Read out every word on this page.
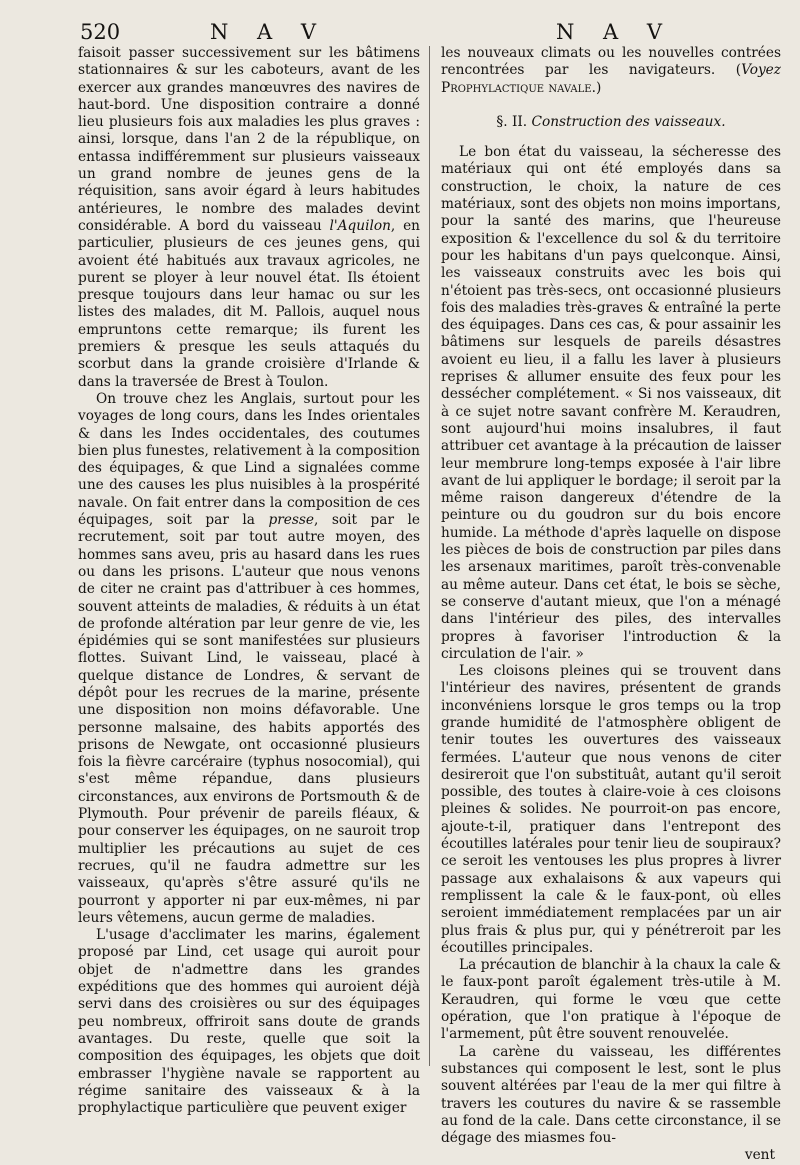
520	N A V	N A V

faisoit passer successivement sur les bâtimens stationnaires & sur les caboteurs, avant de les exercer aux grandes manœuvres des navires de haut-bord. Une disposition contraire a donné lieu plusieurs fois aux maladies les plus graves : ainsi, lorsque, dans l'an 2 de la république, on entassa indifféremment sur plusieurs vaisseaux un grand nombre de jeunes gens de la réquisition, sans avoir égard à leurs habitudes antérieures, le nombre des malades devint considérable. A bord du vaisseau l'Aquilon, en particulier, plusieurs de ces jeunes gens, qui avoient été habitués aux travaux agricoles, ne purent se ployer à leur nouvel état. Ils étoient presque toujours dans leur hamac ou sur les listes des malades, dit M. Pallois, auquel nous empruntons cette remarque; ils furent les premiers & presque les seuls attaqués du scorbut dans la grande croisière d'Irlande & dans la traversée de Brest à Toulon.

On trouve chez les Anglais, surtout pour les voyages de long cours, dans les Indes orientales & dans les Indes occidentales, des coutumes bien plus funestes, relativement à la composition des équipages, & que Lind a signalées comme une des causes les plus nuisibles à la prospérité navale. On fait entrer dans la composition de ces équipages, soit par la presse, soit par le recrutement, soit par tout autre moyen, des hommes sans aveu, pris au hasard dans les rues ou dans les prisons. L'auteur que nous venons de citer ne craint pas d'attribuer à ces hommes, souvent atteints de maladies, & réduits à un état de profonde altération par leur genre de vie, les épidémies qui se sont manifestées sur plusieurs flottes. Suivant Lind, le vaisseau, placé à quelque distance de Londres, & servant de dépôt pour les recrues de la marine, présente une disposition non moins défavorable. Une personne malsaine, des habits apportés des prisons de Newgate, ont occasionné plusieurs fois la fièvre carcéraire (typhus nosocomial), qui s'est même répandue, dans plusieurs circonstances, aux environs de Portsmouth & de Plymouth. Pour prévenir de pareils fléaux, & pour conserver les équipages, on ne sauroit trop multiplier les précautions au sujet de ces recrues, qu'il ne faudra admettre sur les vaisseaux, qu'après s'être assuré qu'ils ne pourront y apporter ni par eux-mêmes, ni par leurs vêtemens, aucun germe de maladies.

L'usage d'acclimater les marins, également proposé par Lind, cet usage qui auroit pour objet de n'admettre dans les grandes expéditions que des hommes qui auroient déjà servi dans des croisières ou sur des équipages peu nombreux, offriroit sans doute de grands avantages. Du reste, quelle que soit la composition des équipages, les objets que doit embrasser l'hygiène navale se rapportent au régime sanitaire des vaisseaux & à la prophylactique particulière que peuvent exiger

les nouveaux climats ou les nouvelles contrées rencontrées par les navigateurs. (Voyez Prophylactique navale.)

§. II. Construction des vaisseaux.

Le bon état du vaisseau, la sécheresse des matériaux qui ont été employés dans sa construction, le choix, la nature de ces matériaux, sont des objets non moins importans, pour la santé des marins, que l'heureuse exposition & l'excellence du sol & du territoire pour les habitans d'un pays quelconque. Ainsi, les vaisseaux construits avec les bois qui n'étoient pas très-secs, ont occasionné plusieurs fois des maladies très-graves & entraîné la perte des équipages. Dans ces cas, & pour assainir les bâtimens sur lesquels de pareils désastres avoient eu lieu, il a fallu les laver à plusieurs reprises & allumer ensuite des feux pour les dessécher complétement. « Si nos vaisseaux, dit à ce sujet notre savant confrère M. Keraudren, sont aujourd'hui moins insalubres, il faut attribuer cet avantage à la précaution de laisser leur membrure long-temps exposée à l'air libre avant de lui appliquer le bordage; il seroit par la même raison dangereux d'étendre de la peinture ou du goudron sur du bois encore humide. La méthode d'après laquelle on dispose les pièces de bois de construction par piles dans les arsenaux maritimes, paroît très-convenable au même auteur. Dans cet état, le bois se sèche, se conserve d'autant mieux, que l'on a ménagé dans l'intérieur des piles, des intervalles propres à favoriser l'introduction & la circulation de l'air. »

Les cloisons pleines qui se trouvent dans l'intérieur des navires, présentent de grands inconvéniens lorsque le gros temps ou la trop grande humidité de l'atmosphère obligent de tenir toutes les ouvertures des vaisseaux fermées. L'auteur que nous venons de citer desireroit que l'on substituât, autant qu'il seroit possible, des toutes à claire-voie à ces cloisons pleines & solides. Ne pourroit-on pas encore, ajoute-t-il, pratiquer dans l'entrepont des écoutilles latérales pour tenir lieu de soupiraux? ce seroit les ventouses les plus propres à livrer passage aux exhalaisons & aux vapeurs qui remplissent la cale & le faux-pont, où elles seroient immédiatement remplacées par un air plus frais & plus pur, qui y pénétreroit par les écoutilles principales.

La précaution de blanchir à la chaux la cale & le faux-pont paroît également très-utile à M. Keraudren, qui forme le vœu que cette opération, que l'on pratique à l'époque de l'armement, pût être souvent renouvelée.

La carène du vaisseau, les différentes substances qui composent le lest, sont le plus souvent altérées par l'eau de la mer qui filtre à travers les coutures du navire & se rassemble au fond de la cale. Dans cette circonstance, il se dégage des miasmes fou-

vent
